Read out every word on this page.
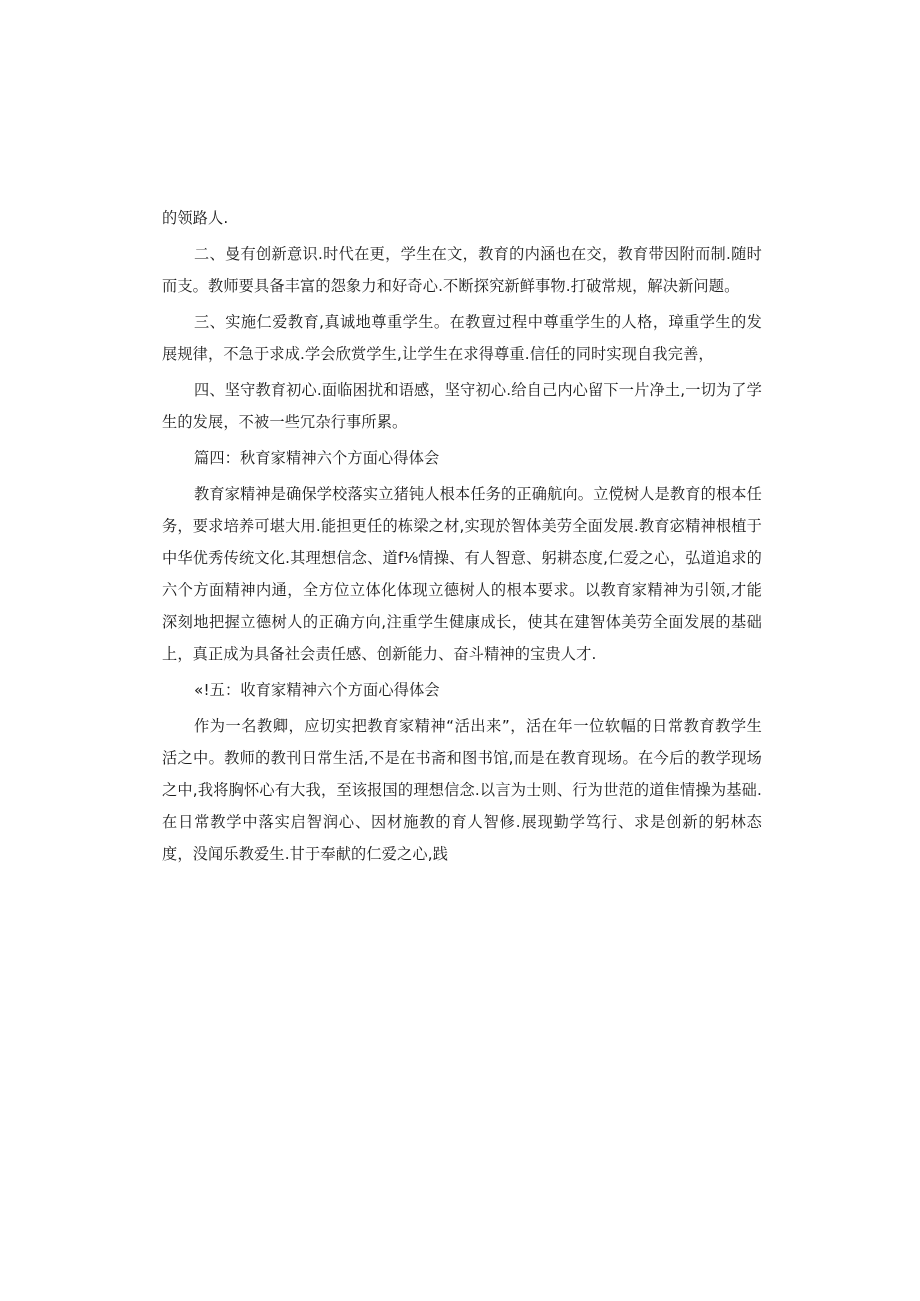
的领路人.

二、曼有创新意识.时代在更，学生在文，教育的内涵也在交，教育带因附而制.随时而支。教师要具备丰富的怨象力和好奇心.不断探究新鲜事物.打破常规，解决新问题。

三、实施仁爱教育,真诚地尊重学生。在教亶过程中尊重学生的人格，璋重学生的发展规律，不急于求成.学会欣赏学生,让学生在求得尊重.信任的同时实现自我完善，

四、坚守教育初心.面临困扰和语感，坚守初心.给自己内心留下一片净土,一切为了学生的发展，不被一些冗杂行事所累。

篇四：秋育家精神六个方面心得体会

教育家精神是确保学校落实立猪钝人根本任务的正确航向。立傥树人是教育的根本任务，要求培养可堪大用.能担更任的栋梁之材,实现於智体美劳全面发展.教育宓精神根植于中华优秀传统文化.其理想信念、道f⅛情操、有人智意、躬耕态度,仁爱之心，弘道追求的六个方面精神内通，全方位立体化体现立德树人的根本要求。以教育家精神为引领,才能深刻地把握立德树人的正确方向,注重学生健康成长，使其在建智体美劳全面发展的基础上，真正成为具备社会责任感、创新能力、奋斗精神的宝贵人才.

«!五：收育家精神六个方面心得体会

作为一名教卿，应切实把教育家精神“活出来”，活在年一位软幅的日常教育教学生活之中。教师的教刊日常生活,不是在书斋和图书馆,而是在教育现场。在今后的教学现场之中,我将胸怀心有大我，至该报国的理想信念.以言为士则、行为世范的道隹情操为基础.在日常教学中落实启智润心、因材施教的育人智修.展现勤学笃行、求是创新的躬林态度，没闻乐教爱生.甘于奉献的仁爱之心,践
